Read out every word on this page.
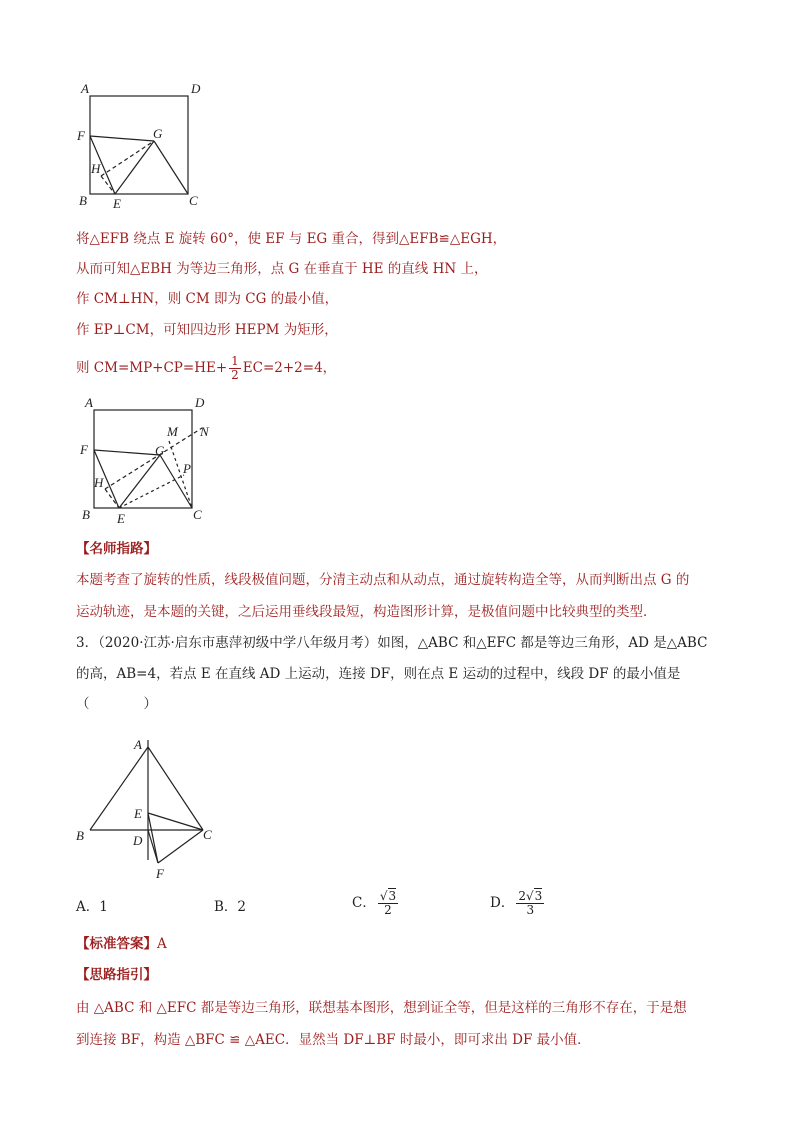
A	D
F	G
H
B E	C
将△EFB 绕点 E 旋转 60°，使 EF 与 EG 重合，得到△EFB≌△EGH，
从而可知△EBH 为等边三角形，点 G 在垂直于 HE 的直线 HN 上，
作 CM⊥HN，则 CM 即为 CG 的最小值，
作 EP⊥CM，可知四边形 HEPM 为矩形，
则 $CM=MP+CP=HE+ \frac{1}{2} EC=2+2=4$，
A	D
F
M N
G
P
H
B E	C
【名师指路】
本题考查了旋转的性质，线段极值问题，分清主动点和从动点，通过旋转构造全等，从而判断出点 G 的
运动轨迹，是本题的关键，之后运用垂线段最短，构造图形计算，是极值问题中比较典型的类型．
3．（2020·江苏·启东市惠萍初级中学八年级月考）如图，△ABC 和△EFC 都是等边三角形，AD 是△ABC
的高，AB=4，若点 E 在直线 AD 上运动，连接 DF，则在点 E 运动的过程中，线段 DF 的最小值是
（　　　　）
A
E
B	D	C
F
A．1	B．2	C． $\frac{√3}{2}$	D． $\frac{2√3}{3}$
【标准答案】A
【思路指引】
由 △ABC 和 △EFC 都是等边三角形，联想基本图形，想到证全等，但是这样的三角形不存在，于是想
到连接 BF，构造 △BFC ≌ △AEC．显然当 DF⊥BF 时最小，即可求出 DF 最小值．
